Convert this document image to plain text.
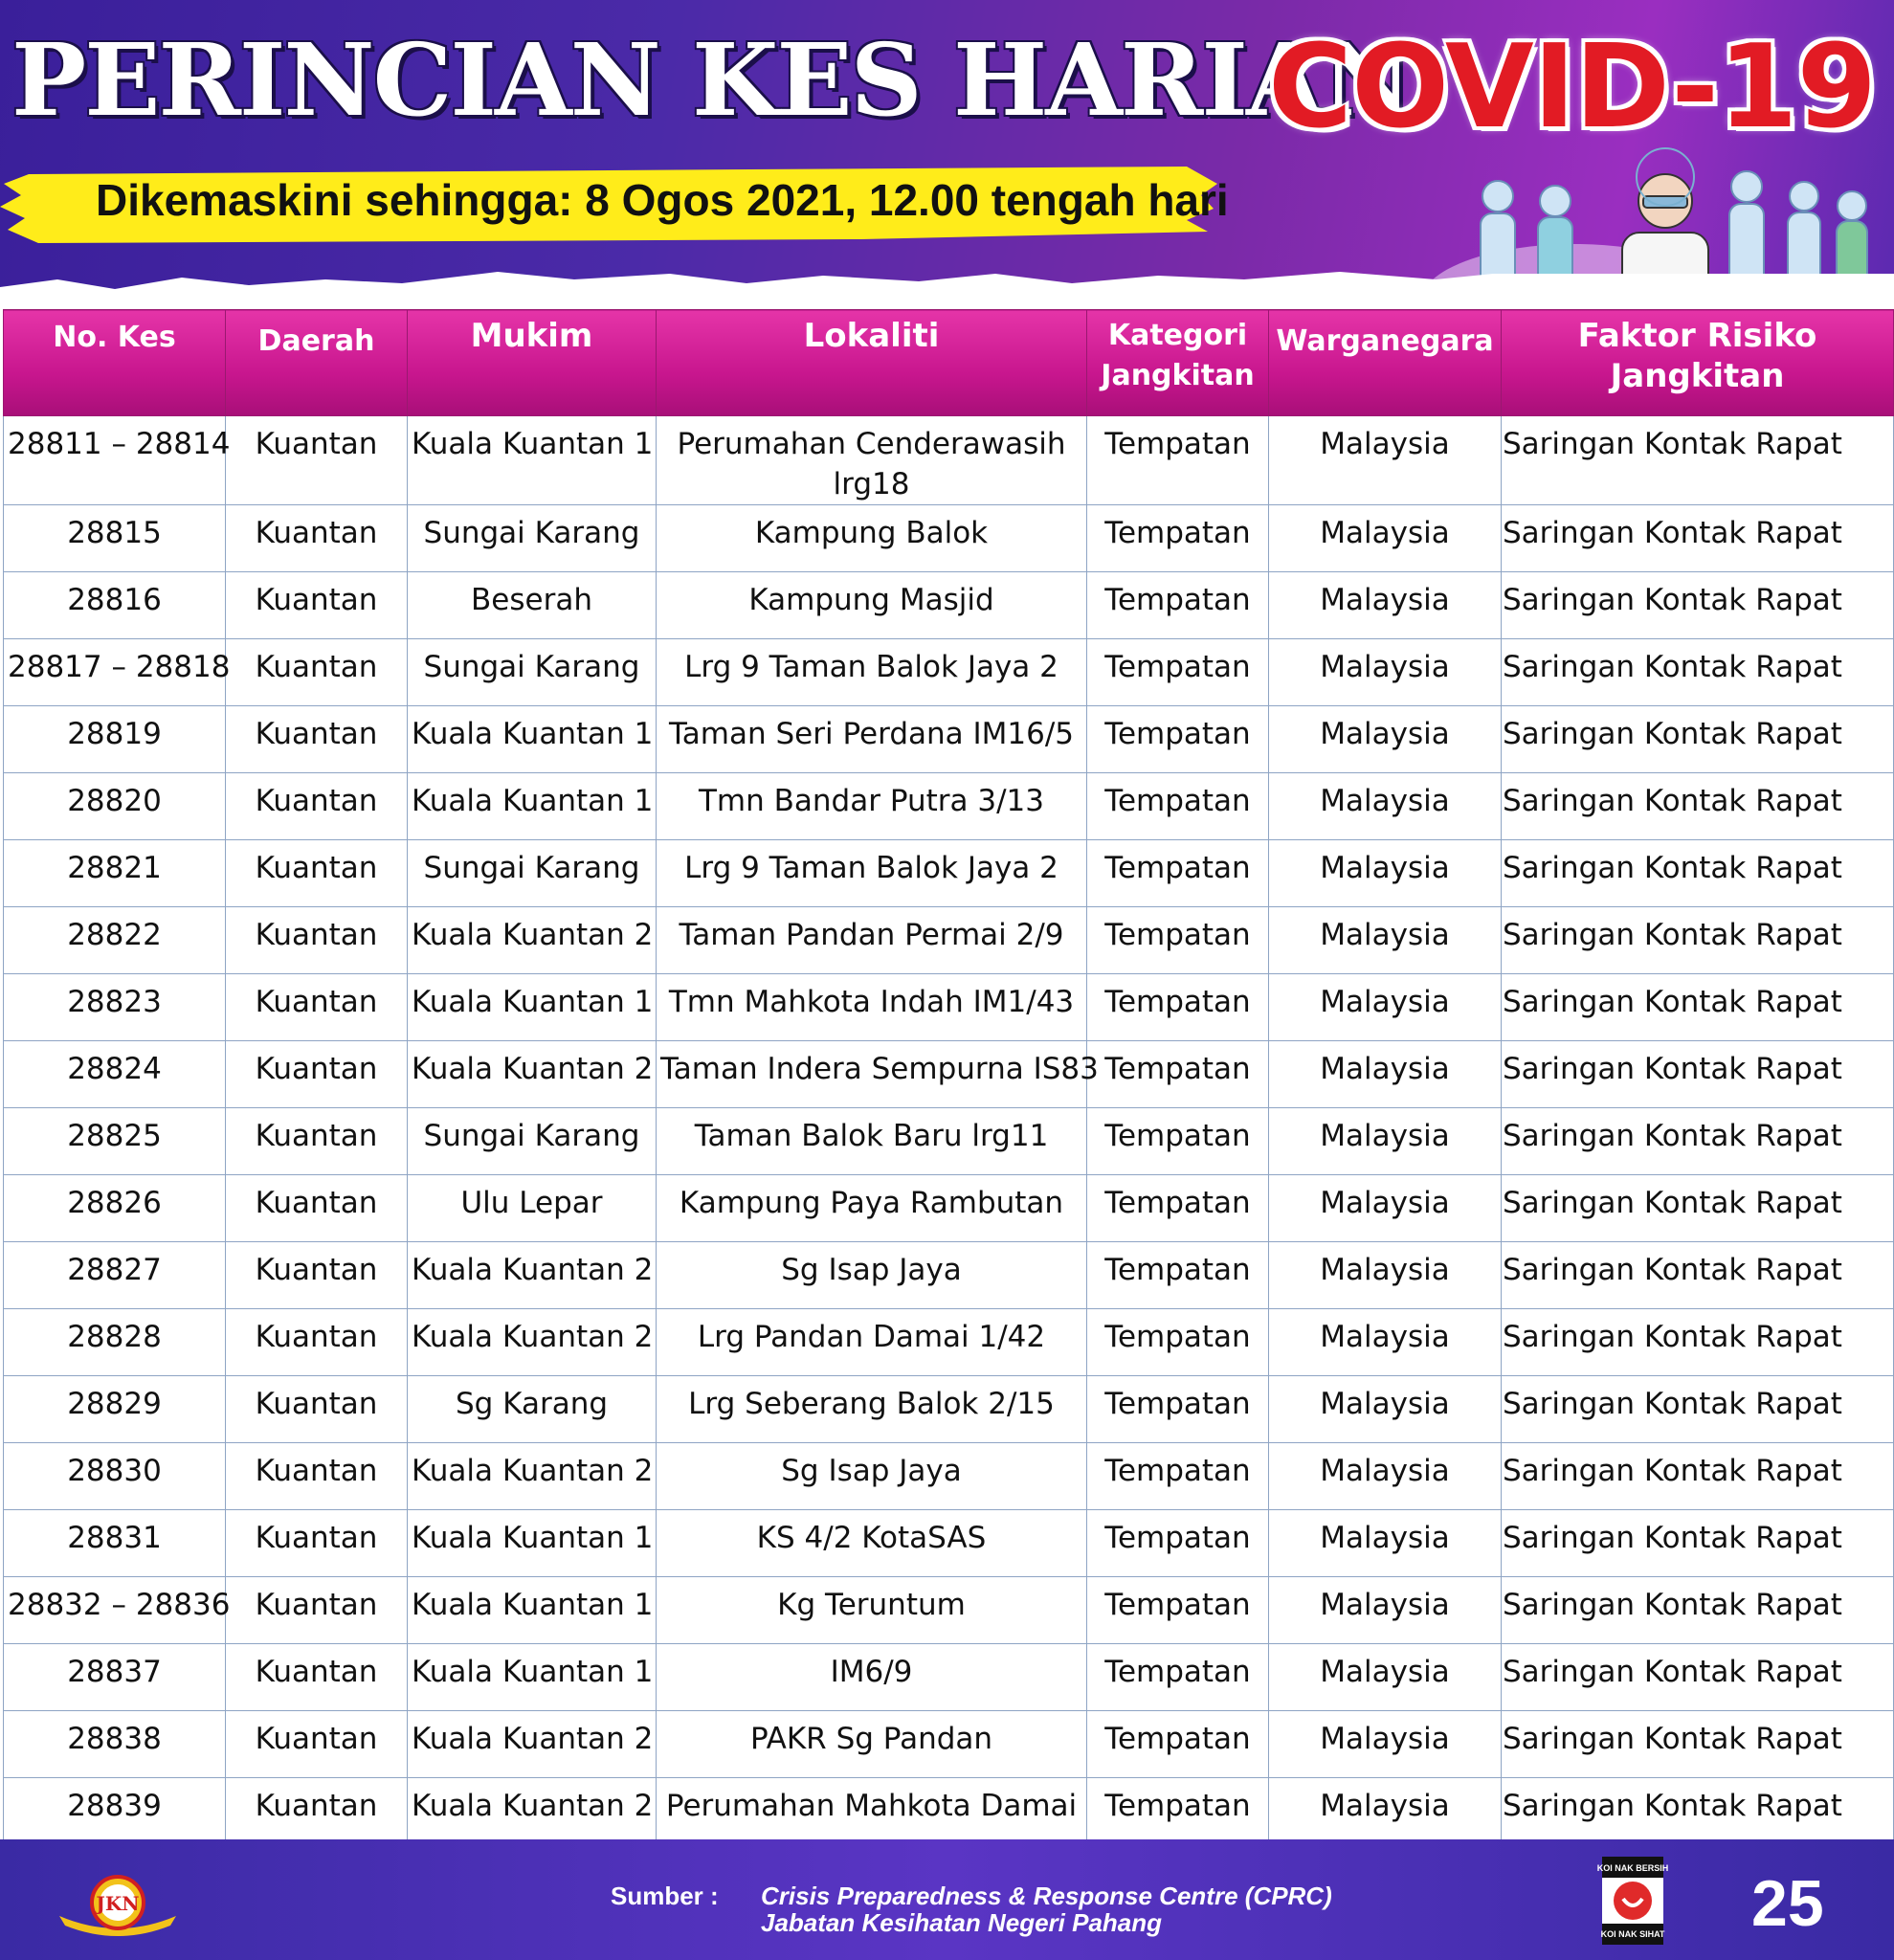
PERINCIAN KES HARIAN
COVID-19
Dikemaskini sehingga: 8 Ogos 2021, 12.00 tengah hari
No. Kes	Daerah	Mukim	Lokaliti	Kategori Jangkitan	Warganegara	Faktor Risiko Jangkitan
28811 – 28814	Kuantan	Kuala Kuantan 1	Perumahan Cenderawasih lrg18	Tempatan	Malaysia	Saringan Kontak Rapat
28815	Kuantan	Sungai Karang	Kampung Balok	Tempatan	Malaysia	Saringan Kontak Rapat
28816	Kuantan	Beserah	Kampung Masjid	Tempatan	Malaysia	Saringan Kontak Rapat
28817 – 28818	Kuantan	Sungai Karang	Lrg 9 Taman Balok Jaya 2	Tempatan	Malaysia	Saringan Kontak Rapat
28819	Kuantan	Kuala Kuantan 1	Taman Seri Perdana IM16/5	Tempatan	Malaysia	Saringan Kontak Rapat
28820	Kuantan	Kuala Kuantan 1	Tmn Bandar Putra 3/13	Tempatan	Malaysia	Saringan Kontak Rapat
28821	Kuantan	Sungai Karang	Lrg 9 Taman Balok Jaya 2	Tempatan	Malaysia	Saringan Kontak Rapat
28822	Kuantan	Kuala Kuantan 2	Taman Pandan Permai 2/9	Tempatan	Malaysia	Saringan Kontak Rapat
28823	Kuantan	Kuala Kuantan 1	Tmn Mahkota Indah IM1/43	Tempatan	Malaysia	Saringan Kontak Rapat
28824	Kuantan	Kuala Kuantan 2	Taman Indera Sempurna IS83	Tempatan	Malaysia	Saringan Kontak Rapat
28825	Kuantan	Sungai Karang	Taman Balok Baru lrg11	Tempatan	Malaysia	Saringan Kontak Rapat
28826	Kuantan	Ulu Lepar	Kampung Paya Rambutan	Tempatan	Malaysia	Saringan Kontak Rapat
28827	Kuantan	Kuala Kuantan 2	Sg Isap Jaya	Tempatan	Malaysia	Saringan Kontak Rapat
28828	Kuantan	Kuala Kuantan 2	Lrg Pandan Damai 1/42	Tempatan	Malaysia	Saringan Kontak Rapat
28829	Kuantan	Sg Karang	Lrg Seberang Balok 2/15	Tempatan	Malaysia	Saringan Kontak Rapat
28830	Kuantan	Kuala Kuantan 2	Sg Isap Jaya	Tempatan	Malaysia	Saringan Kontak Rapat
28831	Kuantan	Kuala Kuantan 1	KS 4/2 KotaSAS	Tempatan	Malaysia	Saringan Kontak Rapat
28832 – 28836	Kuantan	Kuala Kuantan 1	Kg Teruntum	Tempatan	Malaysia	Saringan Kontak Rapat
28837	Kuantan	Kuala Kuantan 1	IM6/9	Tempatan	Malaysia	Saringan Kontak Rapat
28838	Kuantan	Kuala Kuantan 2	PAKR Sg Pandan	Tempatan	Malaysia	Saringan Kontak Rapat
28839	Kuantan	Kuala Kuantan 2	Perumahan Mahkota Damai	Tempatan	Malaysia	Saringan Kontak Rapat
JKN	Sumber : Crisis Preparedness & Response Centre (CPRC)
Jabatan Kesihatan Negeri Pahang
KOI NAK BERSIH
KOI NAK SIHAT 25
